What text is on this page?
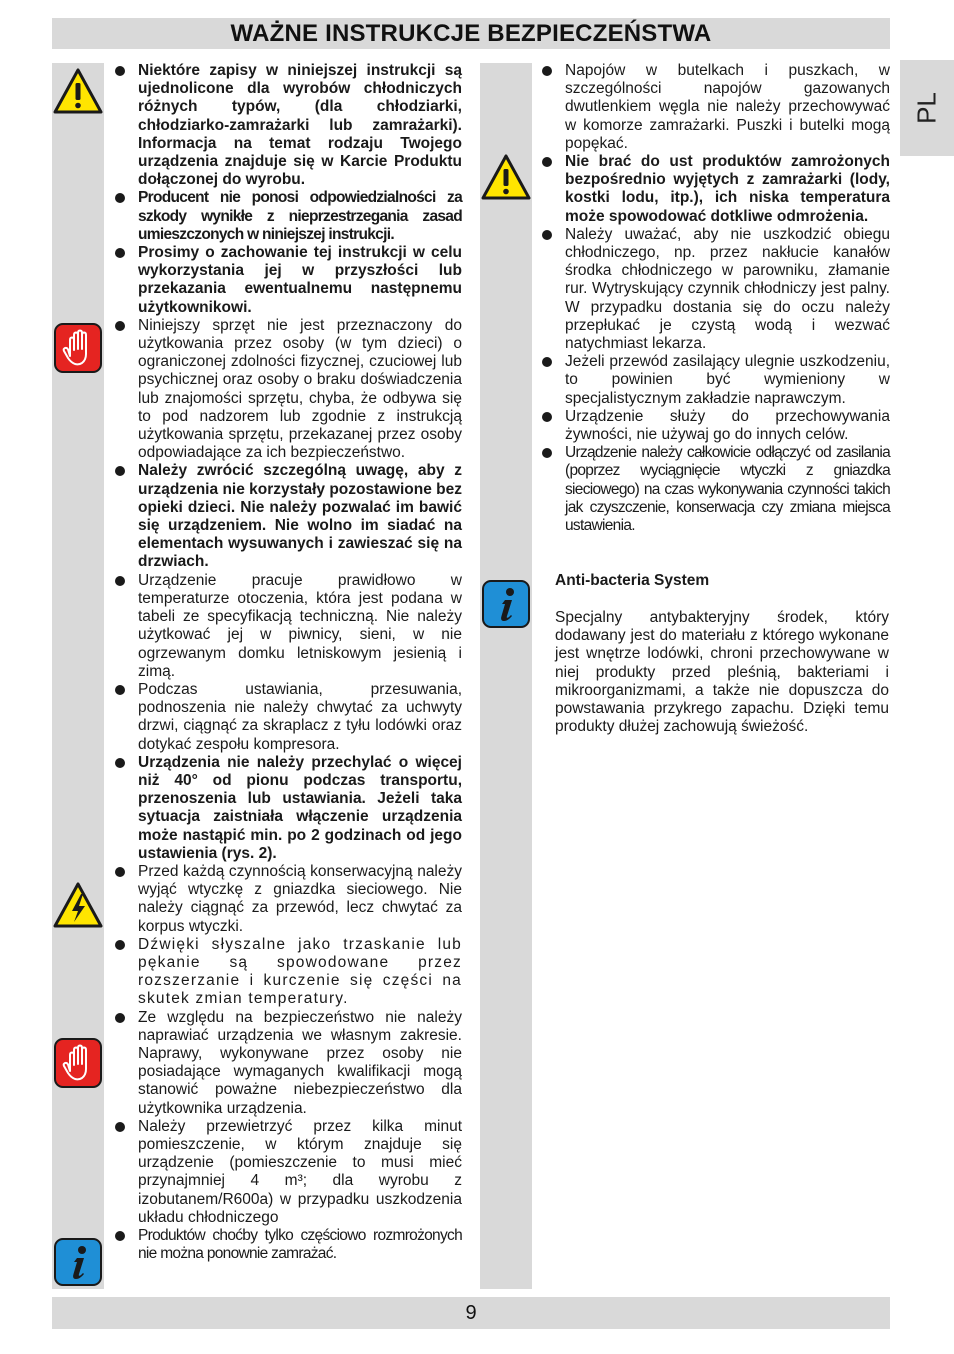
WAŻNE INSTRUKCJE BEZPIECZEŃSTWA
PL
Niektóre zapisy w niniejszej instrukcji są ujednolicone dla wyrobów chłodniczych różnych typów, (dla chłodziarki, chłodziarko-zamrażarki lub zamrażarki). Informacja na temat rodzaju Twojego urządzenia znajduje się w Karcie Produktu dołączonej do wyrobu.
Producent nie ponosi odpowiedzialności za szkody wynikłe z nieprzestrzegania zasad umieszczonych w niniejszej instrukcji.
Prosimy o zachowanie tej instrukcji w celu wykorzystania jej w przyszłości lub przekazania ewentualnemu następnemu użytkownikowi.
Niniejszy sprzęt nie jest przeznaczony do użytkowania przez osoby (w tym dzieci) o ograniczonej zdolności fizycznej, czuciowej lub psychicznej oraz osoby o braku doświadczenia lub znajomości sprzętu, chyba, że odbywa się to pod nadzorem lub zgodnie z instrukcją użytkowania sprzętu, przekazanej przez osoby odpowiadające za ich bezpieczeństwo.
Należy zwrócić szczególną uwagę, aby z urządzenia nie korzystały pozostawione bez opieki dzieci. Nie należy pozwalać im bawić się urządzeniem. Nie wolno im siadać na elementach wysuwanych i zawieszać się na drzwiach.
Urządzenie pracuje prawidłowo w temperaturze otoczenia, która jest podana w tabeli ze specyfikacją techniczną. Nie należy użytkować jej w piwnicy, sieni, w nie ogrzewanym domku letniskowym jesienią i zimą.
Podczas ustawiania, przesuwania, podnoszenia nie należy chwytać za uchwyty drzwi, ciągnąć za skraplacz z tyłu lodówki oraz dotykać zespołu kompresora.
Urządzenia nie należy przechylać o więcej niż 40° od pionu podczas transportu, przenoszenia lub ustawiania. Jeżeli taka sytuacja zaistniała włączenie urządzenia może nastąpić min. po 2 godzinach od jego ustawienia (rys. 2).
Przed każdą czynnością konserwacyjną należy wyjąć wtyczkę z gniazdka sieciowego. Nie należy ciągnąć za przewód, lecz chwytać za korpus wtyczki.
Dźwięki słyszalne jako trzaskanie lub pękanie są spowodowane przez rozszerzanie i kurczenie się części na skutek zmian temperatury.
Ze względu na bezpieczeństwo nie należy naprawiać urządzenia we własnym zakresie. Naprawy, wykonywane przez osoby nie posiadające wymaganych kwalifikacji mogą stanowić poważne niebezpieczeństwo dla użytkownika urządzenia.
Należy przewietrzyć przez kilka minut pomieszczenie, w którym znajduje się urządzenie (pomieszczenie to musi mieć przynajmniej 4 m³; dla wyrobu z izobutanem/R600a) w przypadku uszkodzenia układu chłodniczego
Produktów choćby tylko częściowo rozmrożonych nie można ponownie zamrażać.
Napojów w butelkach i puszkach, w szczególności napojów gazowanych dwutlenkiem węgla nie należy przechowywać w komorze zamrażarki. Puszki i butelki mogą popękać.
Nie brać do ust produktów zamrożonych bezpośrednio wyjętych z zamrażarki (lody, kostki lodu, itp.), ich niska temperatura może spowodować dotkliwe odmrożenia.
Należy uważać, aby nie uszkodzić obiegu chłodniczego, np. przez nakłucie kanałów środka chłodniczego w parowniku, złamanie rur. Wytryskujący czynnik chłodniczy jest palny. W przypadku dostania się do oczu należy przepłukać je czystą wodą i wezwać natychmiast lekarza.
Jeżeli przewód zasilający ulegnie uszkodzeniu, to powinien być wymieniony w specjalistycznym zakładzie naprawczym.
Urządzenie służy do przechowywania żywności, nie używaj go do innych celów.
Urządzenie należy całkowicie odłączyć od zasilania (poprzez wyciągnięcie wtyczki z gniazdka sieciowego) na czas wykonywania czynności takich jak czyszczenie, konserwacja czy zmiana miejsca ustawienia.
Anti-bacteria System
Specjalny antybakteryjny środek, który dodawany jest do materiału z którego wykonane jest wnętrze lodówki, chroni przechowywane w niej produkty przed pleśnią, bakteriami i mikroorganizmami, a także nie dopuszcza do powstawania przykrego zapachu. Dzięki temu produkty dłużej zachowują świeżość.
9
